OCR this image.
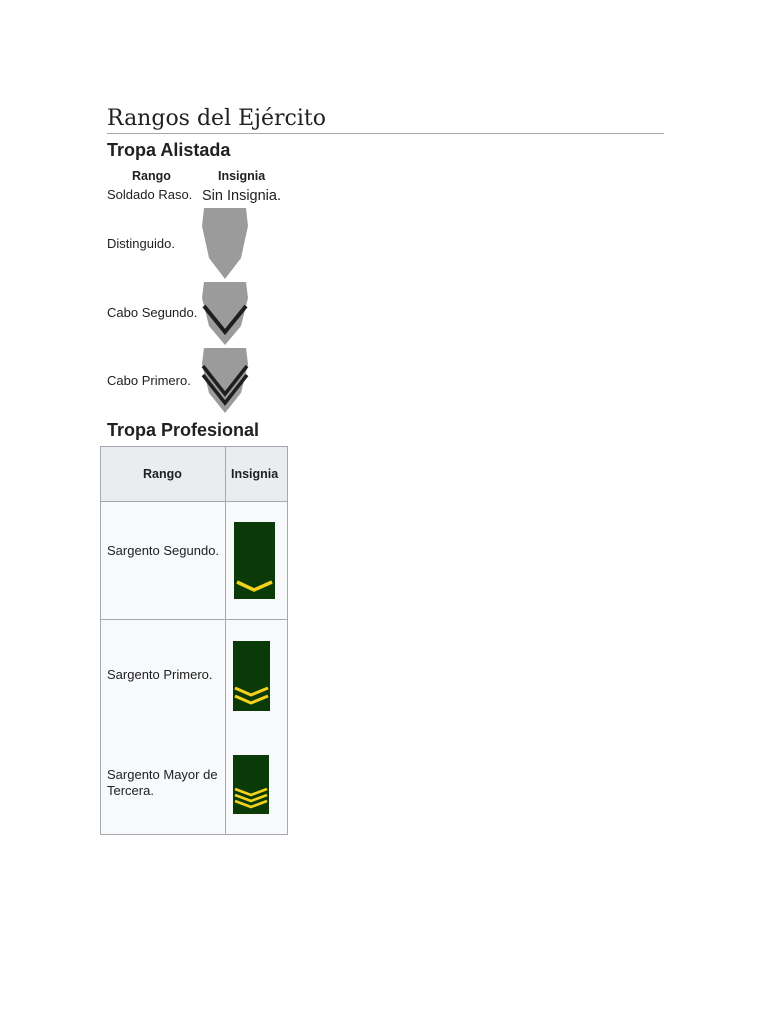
Rangos del Ejército
Tropa Alistada
Rango	Insignia
Soldado Raso. Sin Insignia.
Distinguido.
Cabo Segundo.
Cabo Primero.
Tropa Profesional
Rango	Insignia
Sargento Segundo.
Sargento Primero.
Sargento Mayor de Tercera.
